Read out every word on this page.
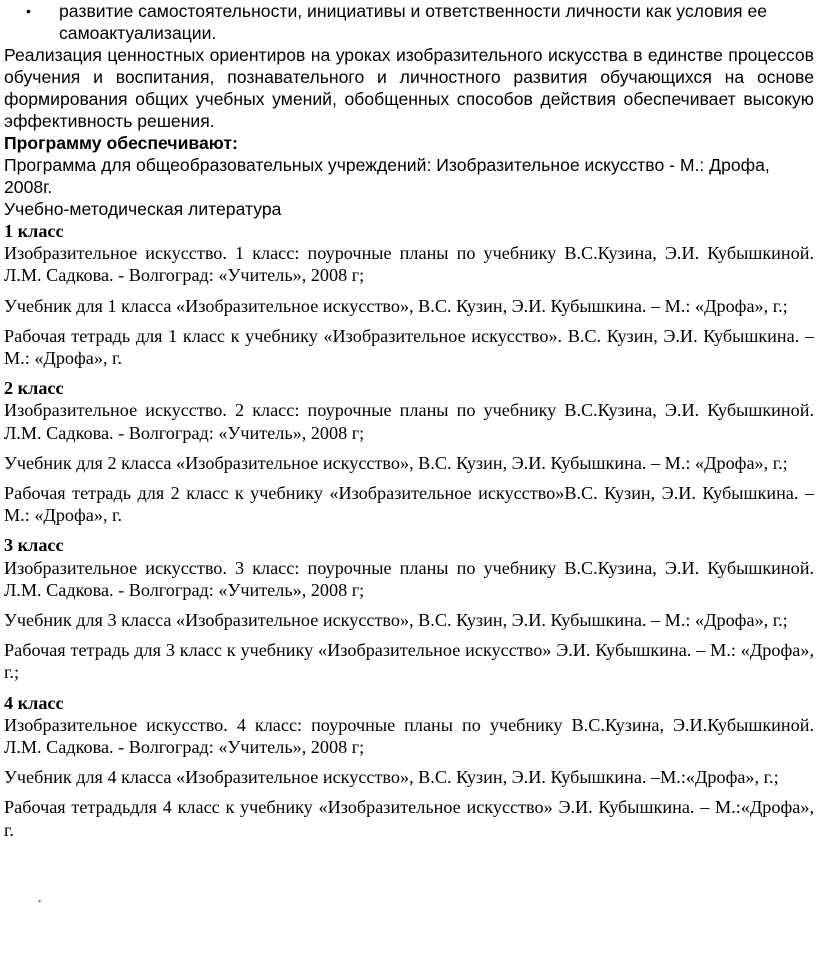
• развитие самостоятельности, инициативы и ответственности личности как условия ее самоактуализации.

Реализация ценностных ориентиров на уроках изобразительного искусства в единстве процессов обучения и воспитания, познавательного и личностного развития обучающихся на основе формирования общих учебных умений, обобщенных способов действия обеспечивает высокую эффективность решения.

Программу обеспечивают:

Программа для общеобразовательных учреждений: Изобразительное искусство - М.: Дрофа, 2008г.

Учебно-методическая литература

1 класс

Изобразительное искусство. 1 класс: поурочные планы по учебнику В.С.Кузина, Э.И. Кубышкиной. Л.М. Садкова. - Волгоград: «Учитель», 2008 г;

Учебник для 1 класса «Изобразительное искусство», В.С. Кузин, Э.И. Кубышкина. – М.: «Дрофа», г.;

Рабочая тетрадь для 1 класс к учебнику «Изобразительное искусство». В.С. Кузин, Э.И. Кубышкина. – М.: «Дрофа», г.

2 класс

Изобразительное искусство. 2 класс: поурочные планы по учебнику В.С.Кузина, Э.И. Кубышкиной. Л.М. Садкова. - Волгоград: «Учитель», 2008 г;

Учебник для 2 класса «Изобразительное искусство», В.С. Кузин, Э.И. Кубышкина. – М.: «Дрофа», г.;

Рабочая тетрадь для 2 класс к учебнику «Изобразительное искусство»В.С. Кузин, Э.И. Кубышкина. – М.: «Дрофа», г.

3 класс

Изобразительное искусство. 3 класс: поурочные планы по учебнику В.С.Кузина, Э.И. Кубышкиной. Л.М. Садкова. - Волгоград: «Учитель», 2008 г;

Учебник для 3 класса «Изобразительное искусство», В.С. Кузин, Э.И. Кубышкина. – М.: «Дрофа», г.;

Рабочая тетрадь для 3 класс к учебнику «Изобразительное искусство» Э.И. Кубышкина. – М.: «Дрофа», г.;

4 класс

Изобразительное искусство. 4 класс: поурочные планы по учебнику В.С.Кузина, Э.И.Кубышкиной. Л.М. Садкова. - Волгоград: «Учитель», 2008 г;

Учебник для 4 класса «Изобразительное искусство», В.С. Кузин, Э.И. Кубышкина. –М.:«Дрофа», г.;

Рабочая тетрадьдля 4 класс к учебнику «Изобразительное искусство» Э.И. Кубышкина. – М.:«Дрофа», г.

.
